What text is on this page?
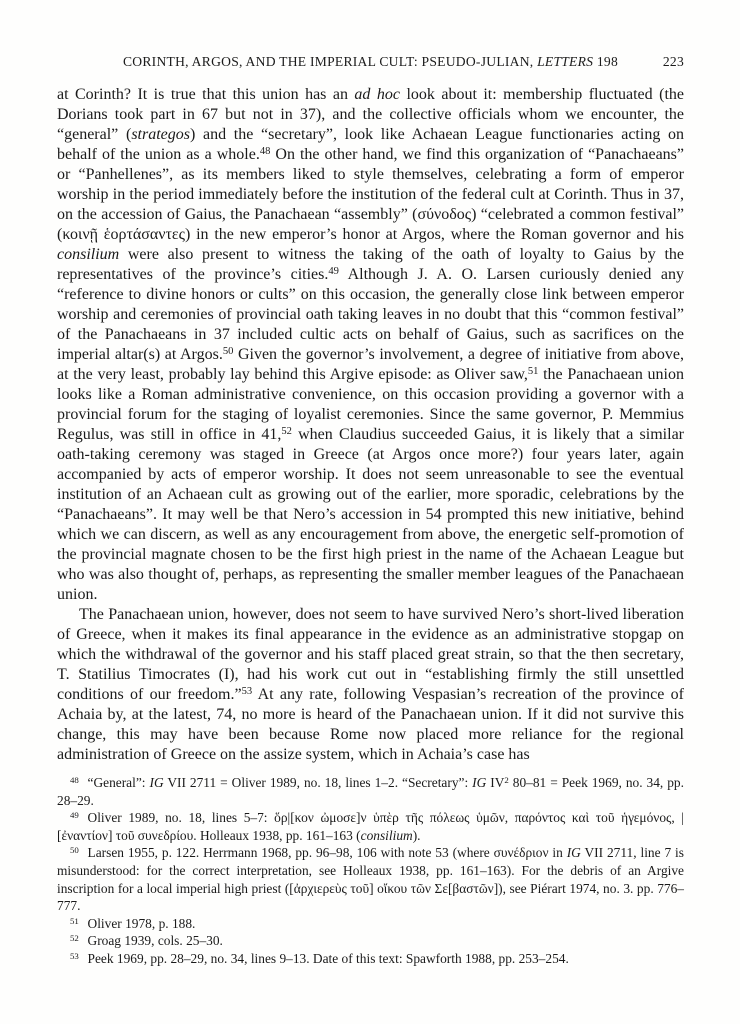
CORINTH, ARGOS, AND THE IMPERIAL CULT: PSEUDO-JULIAN, LETTERS 198	223

at Corinth? It is true that this union has an ad hoc look about it: membership fluctuated (the Dorians took part in 67 but not in 37), and the collective officials whom we encounter, the “general” (strategos) and the “secretary”, look like Achaean League functionaries acting on behalf of the union as a whole.$^{48}$ On the other hand, we find this organization of “Panachaeans” or “Panhellenes”, as its members liked to style themselves, celebrating a form of emperor worship in the period immediately before the institution of the federal cult at Corinth. Thus in 37, on the accession of Gaius, the Panachaean “assembly” (σύνοδος) “celebrated a common festival” (κοινῇ ἑορτάσαντες) in the new emperor’s honor at Argos, where the Roman governor and his consilium were also present to witness the taking of the oath of loyalty to Gaius by the representatives of the province’s cities.$^{49}$ Although J. A. O. Larsen curiously denied any “reference to divine honors or cults” on this occasion, the generally close link between emperor worship and ceremonies of provincial oath taking leaves in no doubt that this “common festival” of the Panachaeans in 37 included cultic acts on behalf of Gaius, such as sacrifices on the imperial altar(s) at Argos.$^{50}$ Given the governor’s involvement, a degree of initiative from above, at the very least, probably lay behind this Argive episode: as Oliver saw,$^{51}$ the Panachaean union looks like a Roman administrative convenience, on this occasion providing a governor with a provincial forum for the staging of loyalist ceremonies. Since the same governor, P. Memmius Regulus, was still in office in 41,52 when Claudius succeeded Gaius, it is likely that a similar oath-taking ceremony was staged in Greece (at Argos once more?) four years later, again accompanied by acts of emperor worship. It does not seem unreasonable to see the eventual institution of an Achaean cult as growing out of the earlier, more sporadic, celebrations by the “Panachaeans”. It may well be that Nero’s accession in 54 prompted this new initiative, behind which we can discern, as well as any encouragement from above, the energetic self-promotion of the provincial magnate chosen to be the first high priest in the name of the Achaean League but who was also thought of, perhaps, as representing the smaller member leagues of the Panachaean union.

The Panachaean union, however, does not seem to have survived Nero’s short-lived liberation of Greece, when it makes its final appearance in the evidence as an administrative stopgap on which the withdrawal of the governor and his staff placed great strain, so that the then secretary, T. Statilius Timocrates (I), had his work cut out in “establishing firmly the still unsettled conditions of our freedom.”$^{53}$ At any rate, following Vespasian’s recreation of the province of Achaia by, at the latest, 74, no more is heard of the Panachaean union. If it did not survive this change, this may have been because Rome now placed more reliance for the regional administration of Greece on the assize system, which in Achaia’s case has

$^{48}$  “General”: IG VII 2711 = Oliver 1989, no. 18, lines 1–2. “Secretary”: IG IV$^2$ 80–81 = Peek 1969, no. 34, pp. 28–29.

$^{49}$  Oliver 1989, no. 18, lines 5–7: ὅρ|[κον ὠμοσε]ν ὑπὲρ τῆς πόλεως ὑμῶν, παρόντος καὶ τοῦ ἡγεμόνος, |[ἐναντίον] τοῦ συνεδρίου. Holleaux 1938, pp. 161–163 (consilium).

$^{50}$  Larsen 1955, p. 122. Herrmann 1968, pp. 96–98, 106 with note 53 (where συνέδριον in IG VII 2711, line 7 is misunderstood: for the correct interpretation, see Holleaux 1938, pp. 161–163). For the debris of an Argive inscription for a local imperial high priest ([ἀρχιερεὺς τοῦ] οἴκου τῶν Σε[βαστῶν]), see Piérart 1974, no. 3. pp. 776–777.

$^{51}$  Oliver 1978, p. 188.

$^{52}$  Groag 1939, cols. 25–30.

$^{53}$  Peek 1969, pp. 28–29, no. 34, lines 9–13. Date of this text: Spawforth 1988, pp. 253–254.
